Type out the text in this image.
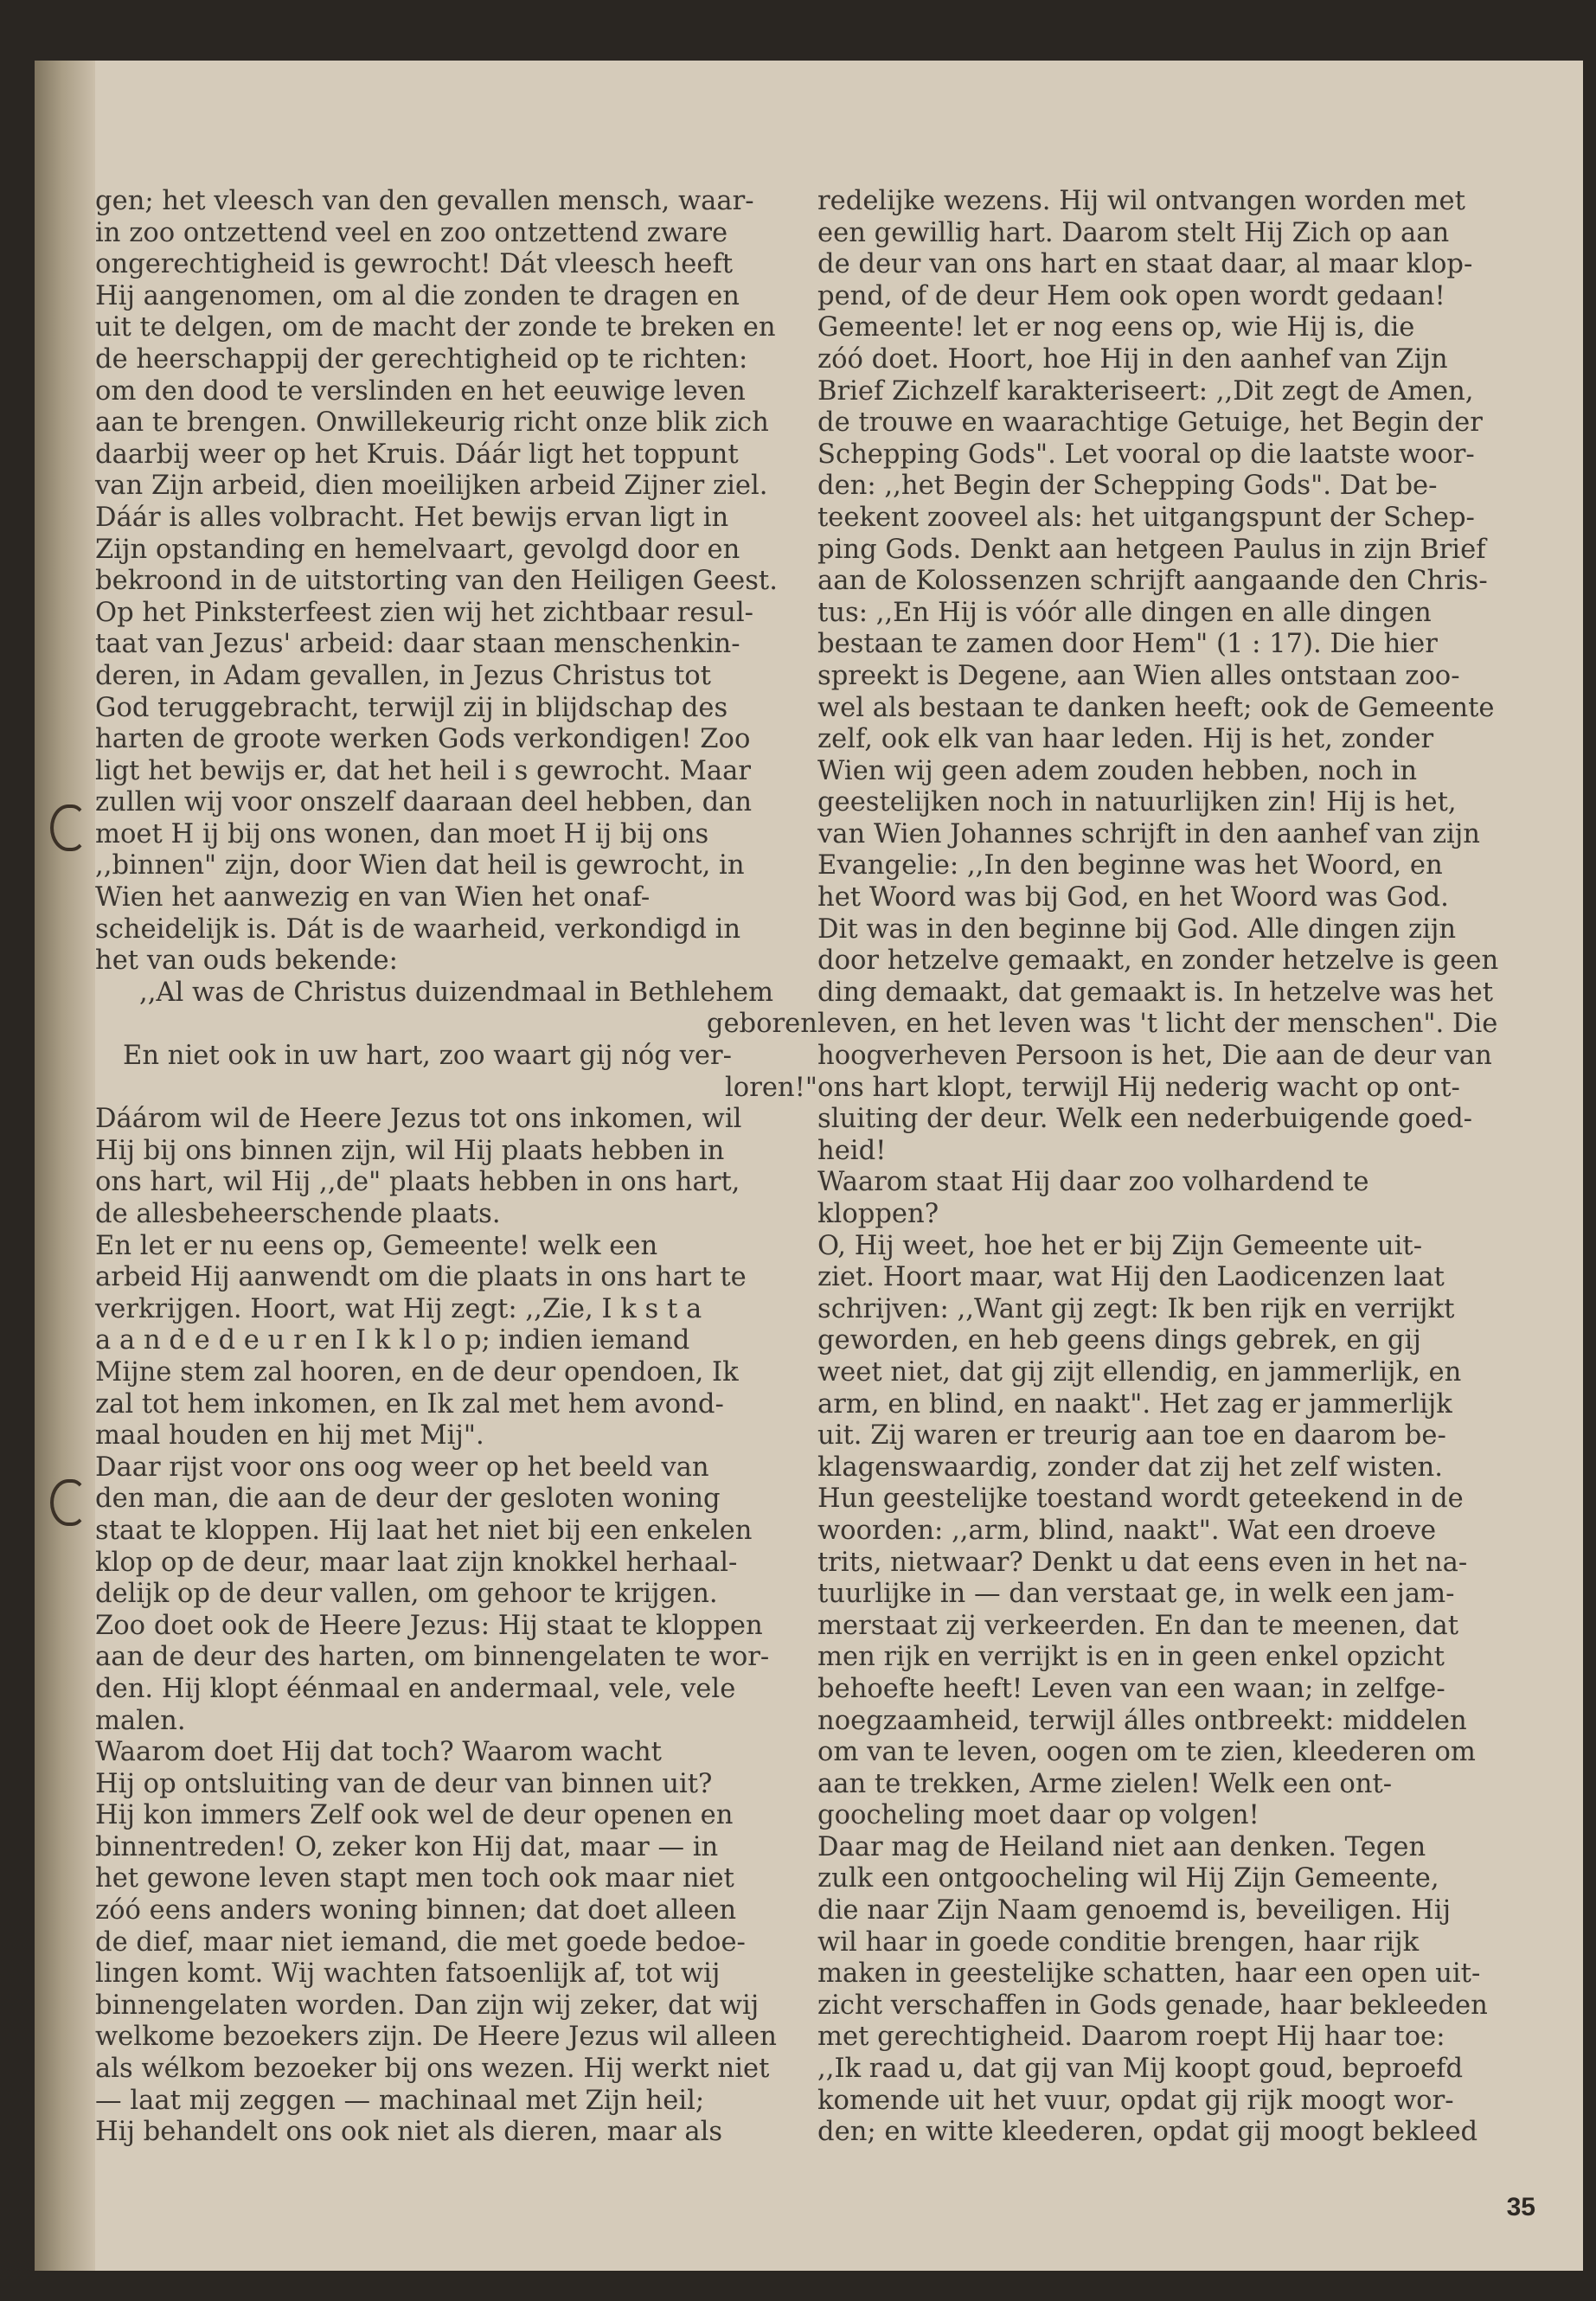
gen; het vleesch van den gevallen mensch, waar-

in zoo ontzettend veel en zoo ontzettend zware

ongerechtigheid is gewrocht! Dát vleesch heeft

Hij aangenomen, om al die zonden te dragen en

uit te delgen, om de macht der zonde te breken en

de heerschappij der gerechtigheid op te richten:

om den dood te verslinden en het eeuwige leven

aan te brengen. Onwillekeurig richt onze blik zich

daarbij weer op het Kruis. Dáár ligt het toppunt

van Zijn arbeid, dien moeilijken arbeid Zijner ziel.

Dáár is alles volbracht. Het bewijs ervan ligt in

Zijn opstanding en hemelvaart, gevolgd door en

bekroond in de uitstorting van den Heiligen Geest.

Op het Pinksterfeest zien wij het zichtbaar resul-

taat van Jezus' arbeid: daar staan menschenkin-

deren, in Adam gevallen, in Jezus Christus tot

God teruggebracht, terwijl zij in blijdschap des

harten de groote werken Gods verkondigen! Zoo

ligt het bewijs er, dat het heil i s gewrocht. Maar

zullen wij voor onszelf daaraan deel hebben, dan

moet H ij bij ons wonen, dan moet H ij bij ons

,,binnen" zijn, door Wien dat heil is gewrocht, in

Wien het aanwezig en van Wien het onaf-

scheidelijk is. Dát is de waarheid, verkondigd in

het van ouds bekende:

,,Al was de Christus duizendmaal in Bethlehem

geboren

En niet ook in uw hart, zoo waart gij nóg ver-

loren!"

Dáárom wil de Heere Jezus tot ons inkomen, wil

Hij bij ons binnen zijn, wil Hij plaats hebben in

ons hart, wil Hij ,,de" plaats hebben in ons hart,

de allesbeheerschende plaats.

En let er nu eens op, Gemeente! welk een

arbeid Hij aanwendt om die plaats in ons hart te

verkrijgen. Hoort, wat Hij zegt: ,,Zie, I k s t a

a a n d e d e u r en I k k l o p; indien iemand

Mijne stem zal hooren, en de deur opendoen, Ik

zal tot hem inkomen, en Ik zal met hem avond-

maal houden en hij met Mij".

Daar rijst voor ons oog weer op het beeld van

den man, die aan de deur der gesloten woning

staat te kloppen. Hij laat het niet bij een enkelen

klop op de deur, maar laat zijn knokkel herhaal-

delijk op de deur vallen, om gehoor te krijgen.

Zoo doet ook de Heere Jezus: Hij staat te kloppen

aan de deur des harten, om binnengelaten te wor-

den. Hij klopt éénmaal en andermaal, vele, vele

malen.

Waarom doet Hij dat toch? Waarom wacht

Hij op ontsluiting van de deur van binnen uit?

Hij kon immers Zelf ook wel de deur openen en

binnentreden! O, zeker kon Hij dat, maar — in

het gewone leven stapt men toch ook maar niet

zóó eens anders woning binnen; dat doet alleen

de dief, maar niet iemand, die met goede bedoe-

lingen komt. Wij wachten fatsoenlijk af, tot wij

binnengelaten worden. Dan zijn wij zeker, dat wij

welkome bezoekers zijn. De Heere Jezus wil alleen

als wélkom bezoeker bij ons wezen. Hij werkt niet

— laat mij zeggen — machinaal met Zijn heil;

Hij behandelt ons ook niet als dieren, maar als

redelijke wezens. Hij wil ontvangen worden met

een gewillig hart. Daarom stelt Hij Zich op aan

de deur van ons hart en staat daar, al maar klop-

pend, of de deur Hem ook open wordt gedaan!

Gemeente! let er nog eens op, wie Hij is, die

zóó doet. Hoort, hoe Hij in den aanhef van Zijn

Brief Zichzelf karakteriseert: ,,Dit zegt de Amen,

de trouwe en waarachtige Getuige, het Begin der

Schepping Gods". Let vooral op die laatste woor-

den: ,,het Begin der Schepping Gods". Dat be-

teekent zooveel als: het uitgangspunt der Schep-

ping Gods. Denkt aan hetgeen Paulus in zijn Brief

aan de Kolossenzen schrijft aangaande den Chris-

tus: ,,En Hij is vóór alle dingen en alle dingen

bestaan te zamen door Hem" (1 : 17). Die hier

spreekt is Degene, aan Wien alles ontstaan zoo-

wel als bestaan te danken heeft; ook de Gemeente

zelf, ook elk van haar leden. Hij is het, zonder

Wien wij geen adem zouden hebben, noch in

geestelijken noch in natuurlijken zin! Hij is het,

van Wien Johannes schrijft in den aanhef van zijn

Evangelie: ,,In den beginne was het Woord, en

het Woord was bij God, en het Woord was God.

Dit was in den beginne bij God. Alle dingen zijn

door hetzelve gemaakt, en zonder hetzelve is geen

ding demaakt, dat gemaakt is. In hetzelve was het

leven, en het leven was 't licht der menschen". Die

hoogverheven Persoon is het, Die aan de deur van

ons hart klopt, terwijl Hij nederig wacht op ont-

sluiting der deur. Welk een nederbuigende goed-

heid!

Waarom staat Hij daar zoo volhardend te

kloppen?

O, Hij weet, hoe het er bij Zijn Gemeente uit-

ziet. Hoort maar, wat Hij den Laodicenzen laat

schrijven: ,,Want gij zegt: Ik ben rijk en verrijkt

geworden, en heb geens dings gebrek, en gij

weet niet, dat gij zijt ellendig, en jammerlijk, en

arm, en blind, en naakt". Het zag er jammerlijk

uit. Zij waren er treurig aan toe en daarom be-

klagenswaardig, zonder dat zij het zelf wisten.

Hun geestelijke toestand wordt geteekend in de

woorden: ,,arm, blind, naakt". Wat een droeve

trits, nietwaar? Denkt u dat eens even in het na-

tuurlijke in — dan verstaat ge, in welk een jam-

merstaat zij verkeerden. En dan te meenen, dat

men rijk en verrijkt is en in geen enkel opzicht

behoefte heeft! Leven van een waan; in zelfge-

noegzaamheid, terwijl álles ontbreekt: middelen

om van te leven, oogen om te zien, kleederen om

aan te trekken, Arme zielen! Welk een ont-

goocheling moet daar op volgen!

Daar mag de Heiland niet aan denken. Tegen

zulk een ontgoocheling wil Hij Zijn Gemeente,

die naar Zijn Naam genoemd is, beveiligen. Hij

wil haar in goede conditie brengen, haar rijk

maken in geestelijke schatten, haar een open uit-

zicht verschaffen in Gods genade, haar bekleeden

met gerechtigheid. Daarom roept Hij haar toe:

,,Ik raad u, dat gij van Mij koopt goud, beproefd

komende uit het vuur, opdat gij rijk moogt wor-

den; en witte kleederen, opdat gij moogt bekleed

35
